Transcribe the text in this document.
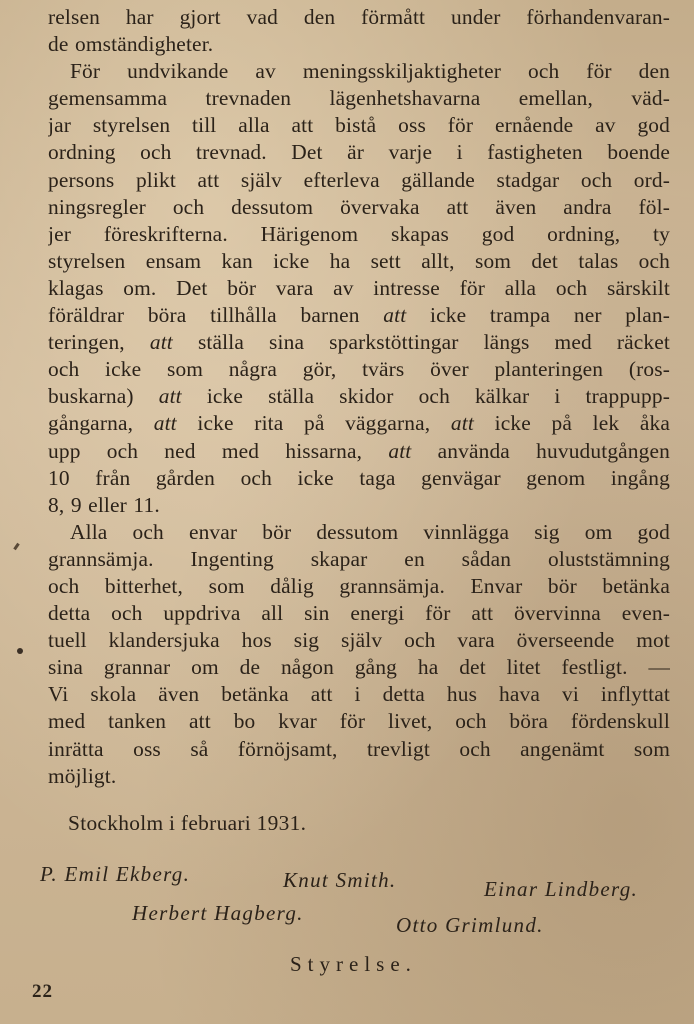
relsen har gjort vad den förmått under förhandenvaran-
de omständigheter.
För undvikande av meningsskiljaktigheter och för den
gemensamma trevnaden lägenhetshavarna emellan, väd-
jar styrelsen till alla att bistå oss för ernående av god
ordning och trevnad. Det är varje i fastigheten boende
persons plikt att själv efterleva gällande stadgar och ord-
ningsregler och dessutom övervaka att även andra föl-
jer föreskrifterna. Härigenom skapas god ordning, ty
styrelsen ensam kan icke ha sett allt, som det talas och
klagas om. Det bör vara av intresse för alla och särskilt
föräldrar böra tillhålla barnen att icke trampa ner plan-
teringen, att ställa sina sparkstöttingar längs med räcket
och icke som några gör, tvärs över planteringen (ros-
buskarna) att icke ställa skidor och kälkar i trappupp-
gångarna, att icke rita på väggarna, att icke på lek åka
upp och ned med hissarna, att använda huvudutgången
10 från gården och icke taga genvägar genom ingång
8, 9 eller 11.
Alla och envar bör dessutom vinnlägga sig om god
grannsämja. Ingenting skapar en sådan oluststämning
och bitterhet, som dålig grannsämja. Envar bör betänka
detta och uppdriva all sin energi för att övervinna even-
tuell klandersjuka hos sig själv och vara överseende mot
sina grannar om de någon gång ha det litet festligt. —
Vi skola även betänka att i detta hus hava vi inflyttat
med tanken att bo kvar för livet, och böra fördenskull
inrätta oss så förnöjsamt, trevligt och angenämt som
möjligt.
Stockholm i februari 1931.
P. Emil Ekberg.	Knut Smith.	Einar Lindberg.
Herbert Hagberg.	Otto Grimlund.
Styrelse.
22
